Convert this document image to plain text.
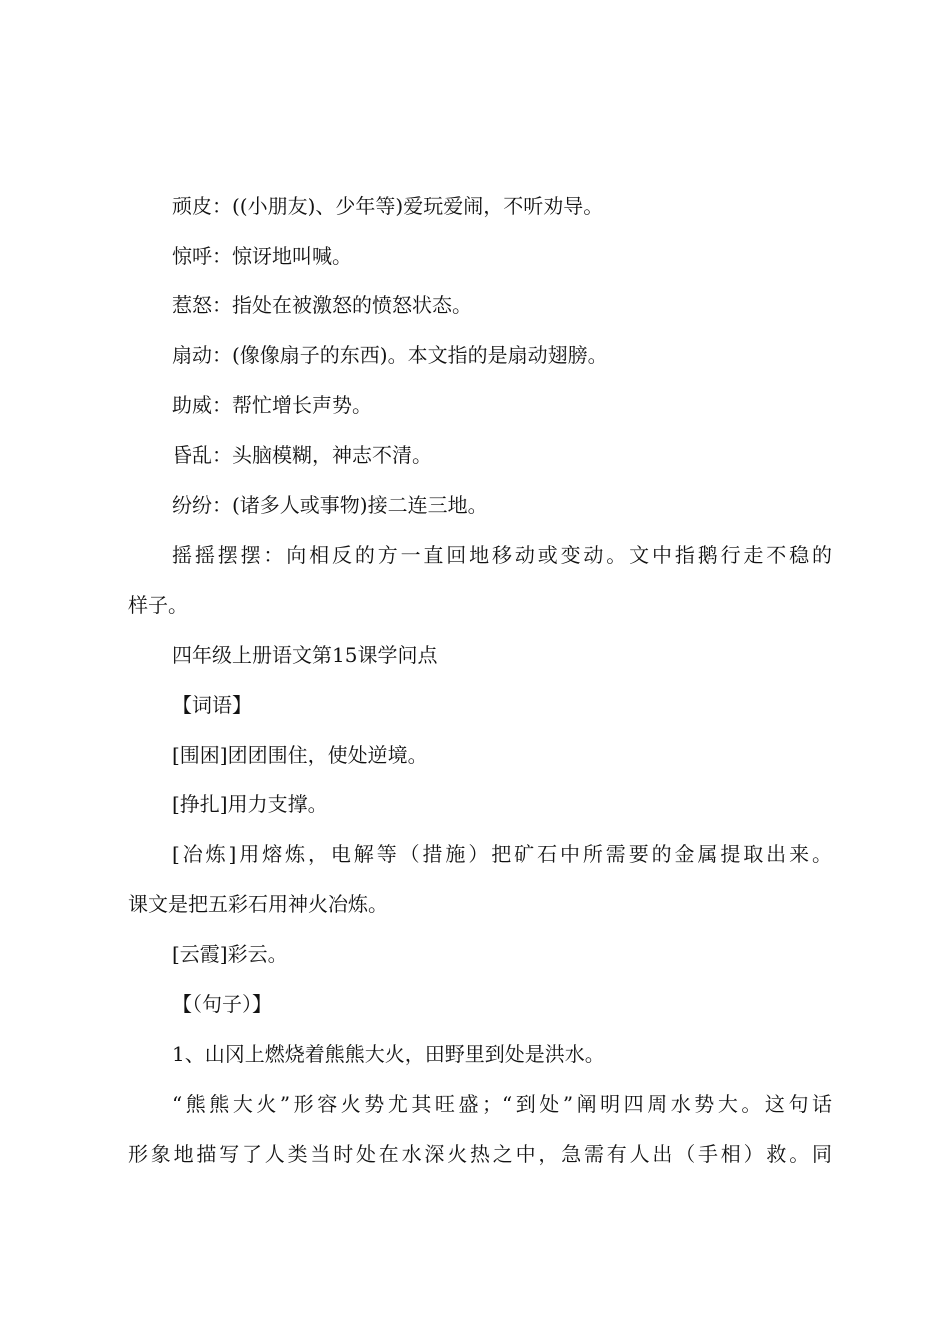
顽皮：((小朋友)、少年等)爱玩爱闹，不听劝导。
惊呼：惊讶地叫喊。
惹怒：指处在被激怒的愤怒状态。
扇动：(像像扇子的东西)。本文指的是扇动翅膀。
助威：帮忙增长声势。
昏乱：头脑模糊，神志不清。
纷纷：(诸多人或事物)接二连三地。
摇摇摆摆：向相反的方一直回地移动或变动。文中指鹅行走不稳的
样子。
四年级上册语文第15课学问点
【词语】
[围困]团团围住，使处逆境。
[挣扎]用力支撑。
[冶炼]用熔炼，电解等（措施）把矿石中所需要的金属提取出来。
课文是把五彩石用神火冶炼。
[云霞]彩云。
【（句子）】
1、山冈上燃烧着熊熊大火，田野里到处是洪水。
“熊熊大火”形容火势尤其旺盛；“到处”阐明四周水势大。这句话
形象地描写了人类当时处在水深火热之中，急需有人出（手相）救。同
